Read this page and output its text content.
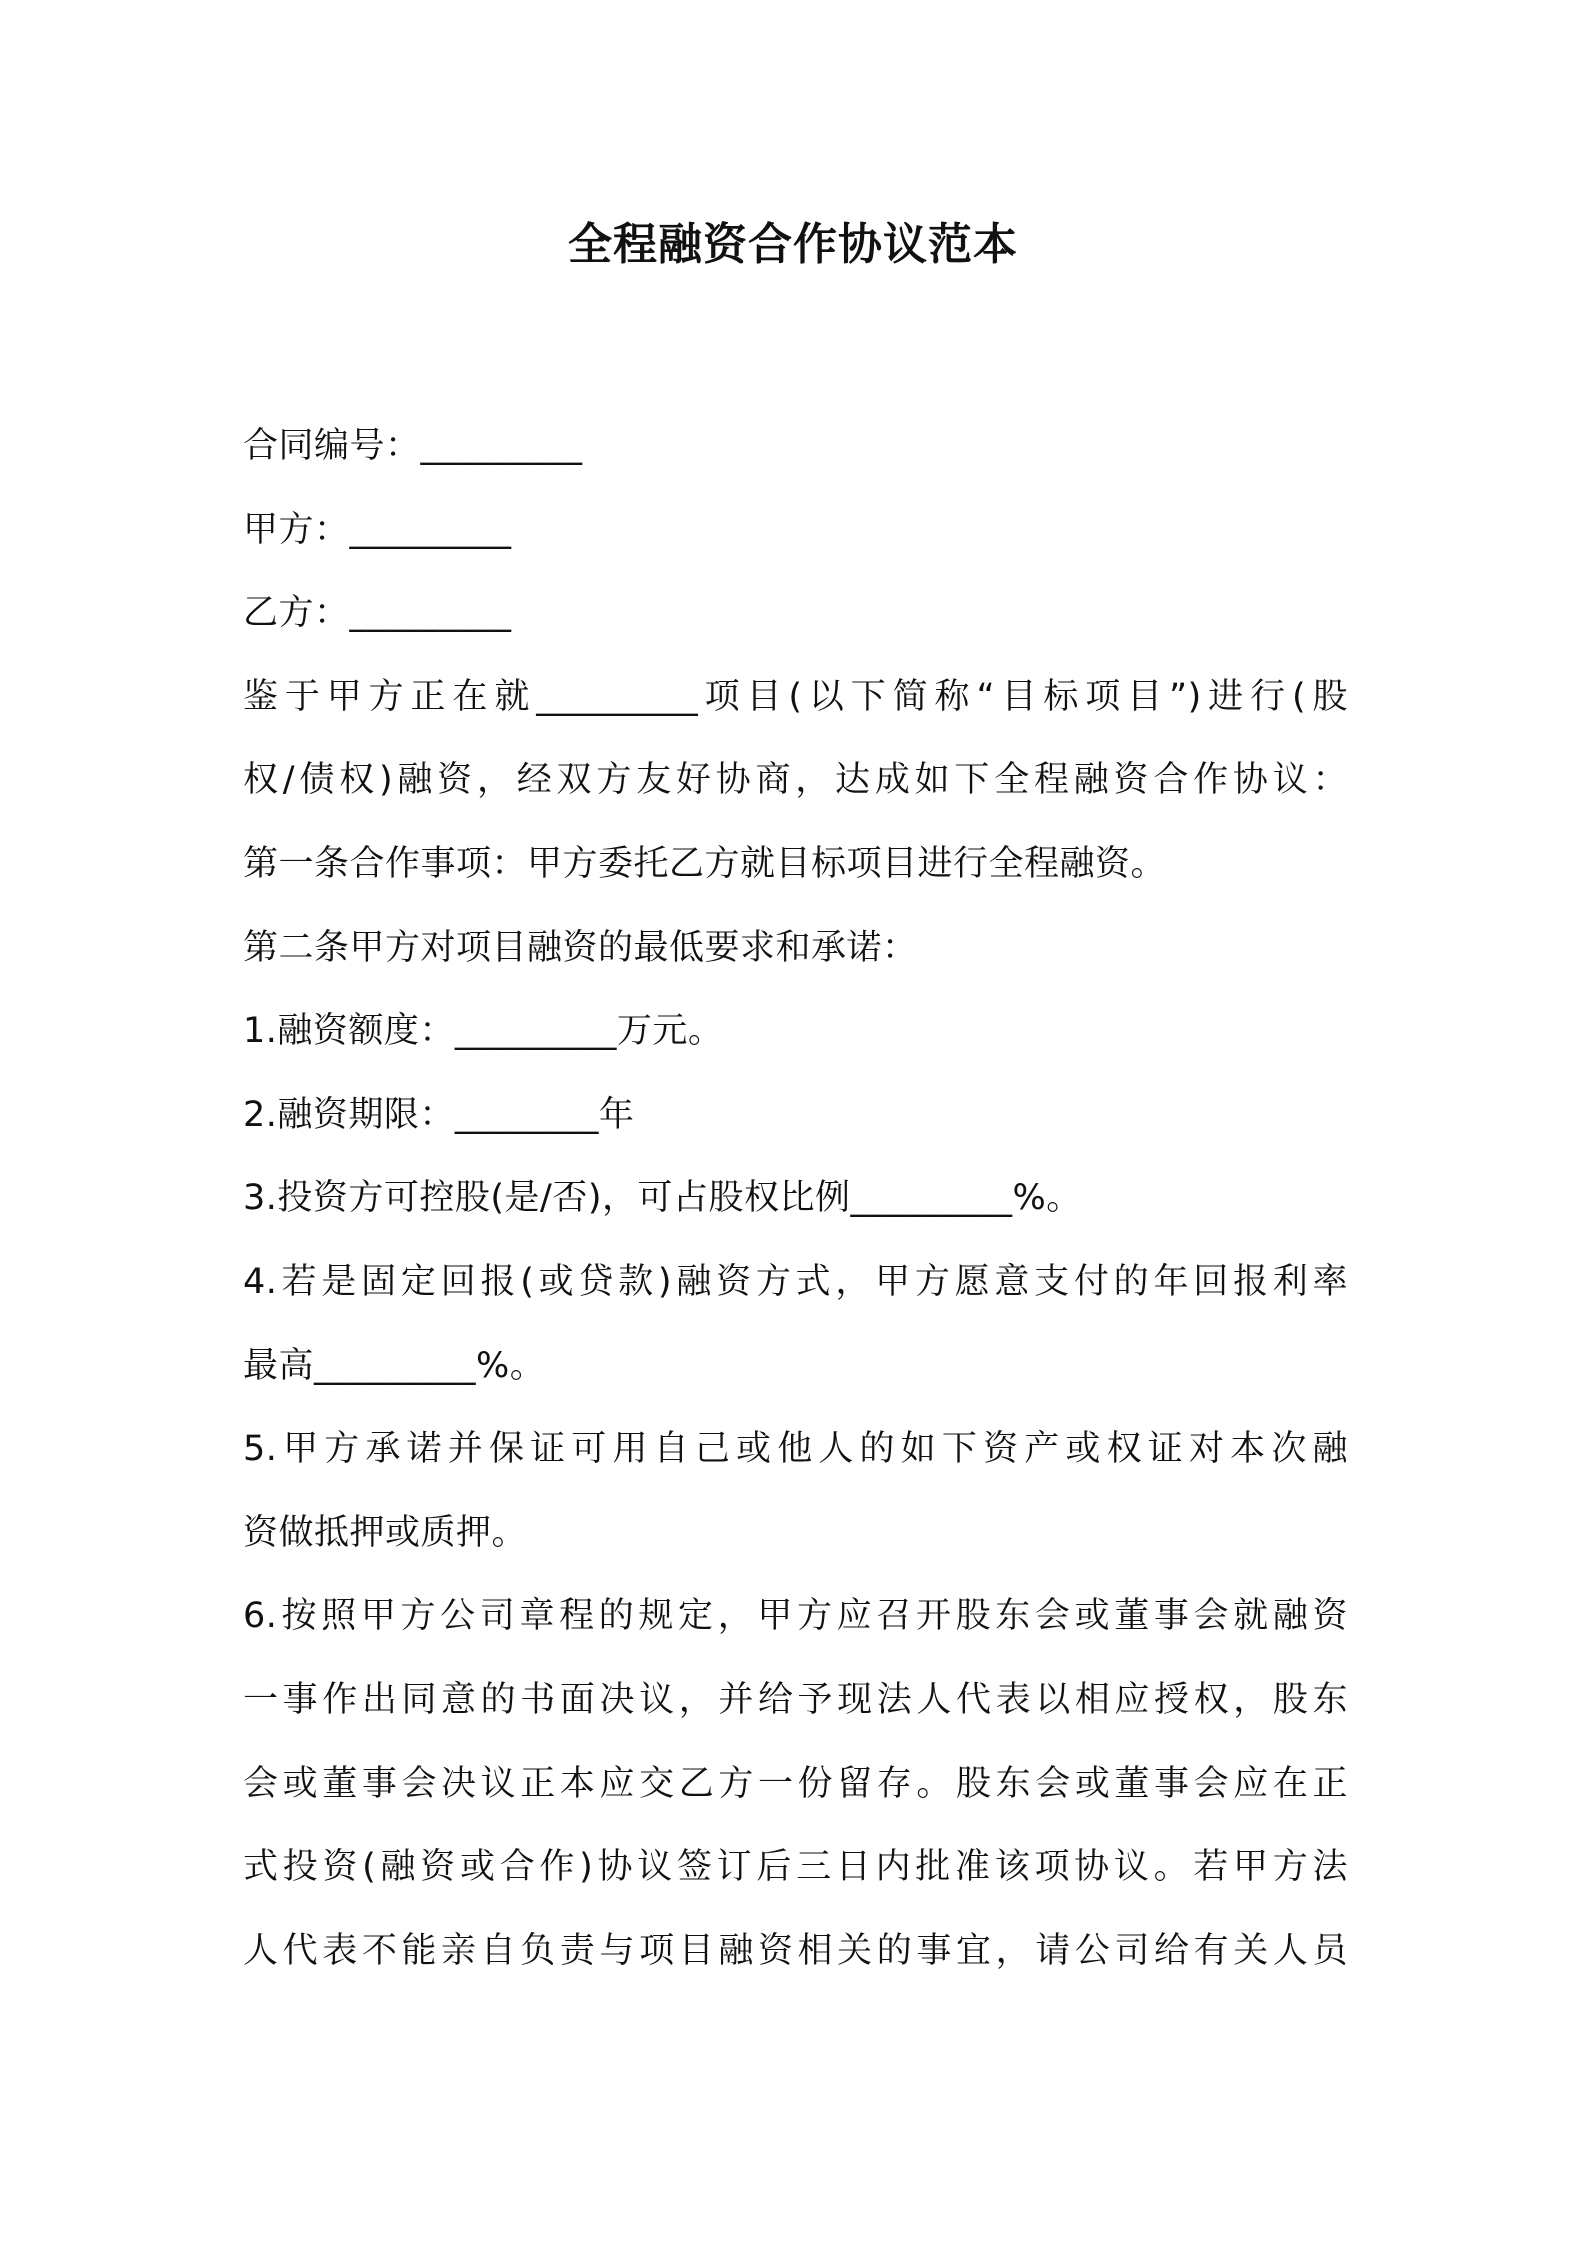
全程融资合作协议范本
合同编号：_________
甲方：_________
乙方：_________
鉴于甲方正在就_________项目(以下简称“目标项目”)进行(股
权/债权)融资，经双方友好协商，达成如下全程融资合作协议：
第一条合作事项：甲方委托乙方就目标项目进行全程融资。
第二条甲方对项目融资的最低要求和承诺：
1.融资额度：_________万元。
2.融资期限：________年
3.投资方可控股(是/否)，可占股权比例_________%。
4.若是固定回报(或贷款)融资方式，甲方愿意支付的年回报利率
最高_________%。
5.甲方承诺并保证可用自己或他人的如下资产或权证对本次融
资做抵押或质押。
6.按照甲方公司章程的规定，甲方应召开股东会或董事会就融资
一事作出同意的书面决议，并给予现法人代表以相应授权，股东
会或董事会决议正本应交乙方一份留存。股东会或董事会应在正
式投资(融资或合作)协议签订后三日内批准该项协议。若甲方法
人代表不能亲自负责与项目融资相关的事宜，请公司给有关人员
